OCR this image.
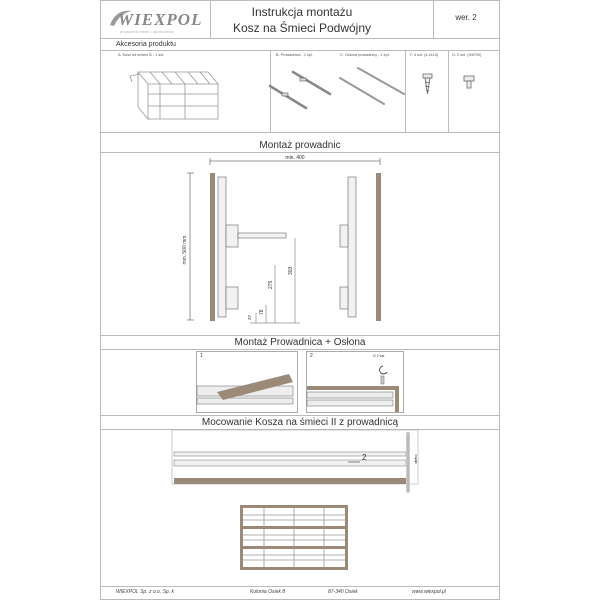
WIEXPOL
producent mebli i akcesoriów
Instrukcja montażu
Kosz na Śmieci Podwójny
wer. 2
Akcesoria produktu
A. Kosz na śmieci B - 1 szt.	B. Prowadnica - 1 kpl.	C. Osłona prowadnicy - 1 kpl.	F. 4 szt. (4,2x13)	G. 2 szt. (3/6700)
Montaż prowadnic
min. 400
min. 500 mm
303
275
78
37
Montaż Prowadnica + Osłona
1	2	G 2 szt.
Mocowanie Kosza na śmieci II z prowadnicą
2	1
WIEXPOL Sp. z o.o. Sp. k	Kolonia Osiek 8	87-340 Osiek	www.wiexpol.pl
